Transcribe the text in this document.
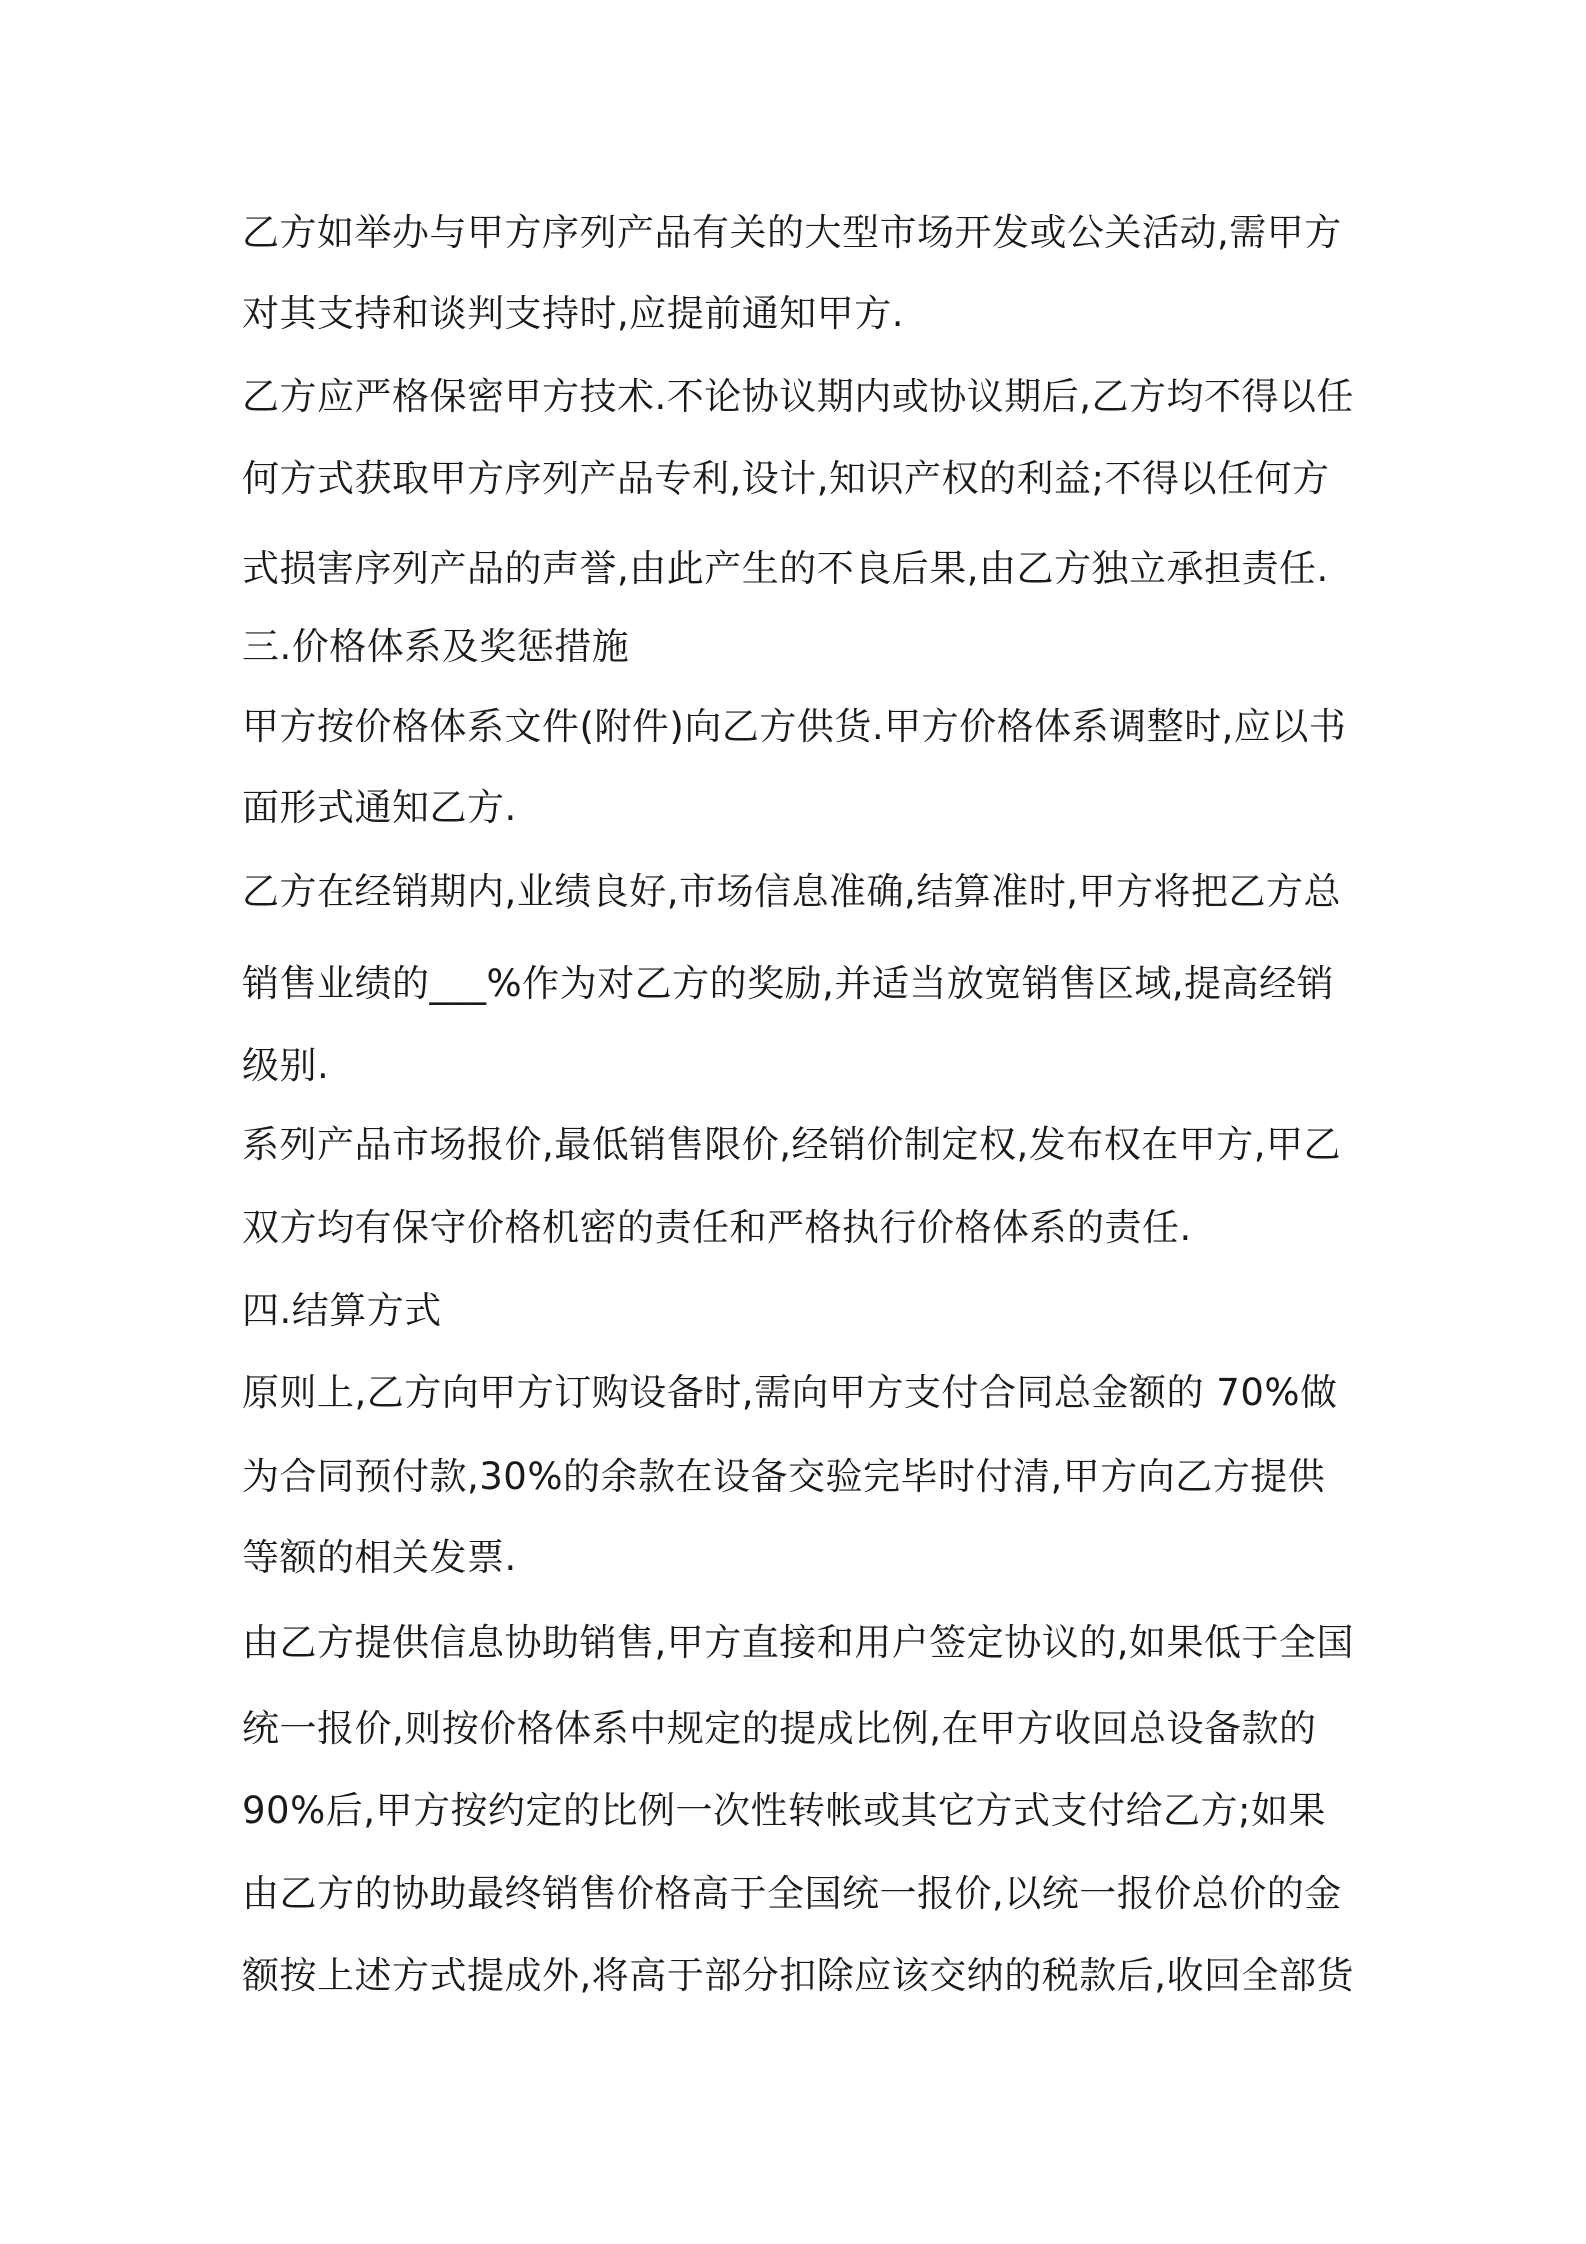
乙方如举办与甲方序列产品有关的大型市场开发或公关活动,需甲方
对其支持和谈判支持时,应提前通知甲方.
乙方应严格保密甲方技术.不论协议期内或协议期后,乙方均不得以任
何方式获取甲方序列产品专利,设计,知识产权的利益;不得以任何方
式损害序列产品的声誉,由此产生的不良后果,由乙方独立承担责任.
三.价格体系及奖惩措施
甲方按价格体系文件(附件)向乙方供货.甲方价格体系调整时,应以书
面形式通知乙方.
乙方在经销期内,业绩良好,市场信息准确,结算准时,甲方将把乙方总
销售业绩的___%作为对乙方的奖励,并适当放宽销售区域,提高经销
级别.
系列产品市场报价,最低销售限价,经销价制定权,发布权在甲方,甲乙
双方均有保守价格机密的责任和严格执行价格体系的责任.
四.结算方式
原则上,乙方向甲方订购设备时,需向甲方支付合同总金额的 70%做
为合同预付款,30%的余款在设备交验完毕时付清,甲方向乙方提供
等额的相关发票.
由乙方提供信息协助销售,甲方直接和用户签定协议的,如果低于全国
统一报价,则按价格体系中规定的提成比例,在甲方收回总设备款的
90%后,甲方按约定的比例一次性转帐或其它方式支付给乙方;如果
由乙方的协助最终销售价格高于全国统一报价,以统一报价总价的金
额按上述方式提成外,将高于部分扣除应该交纳的税款后,收回全部货
